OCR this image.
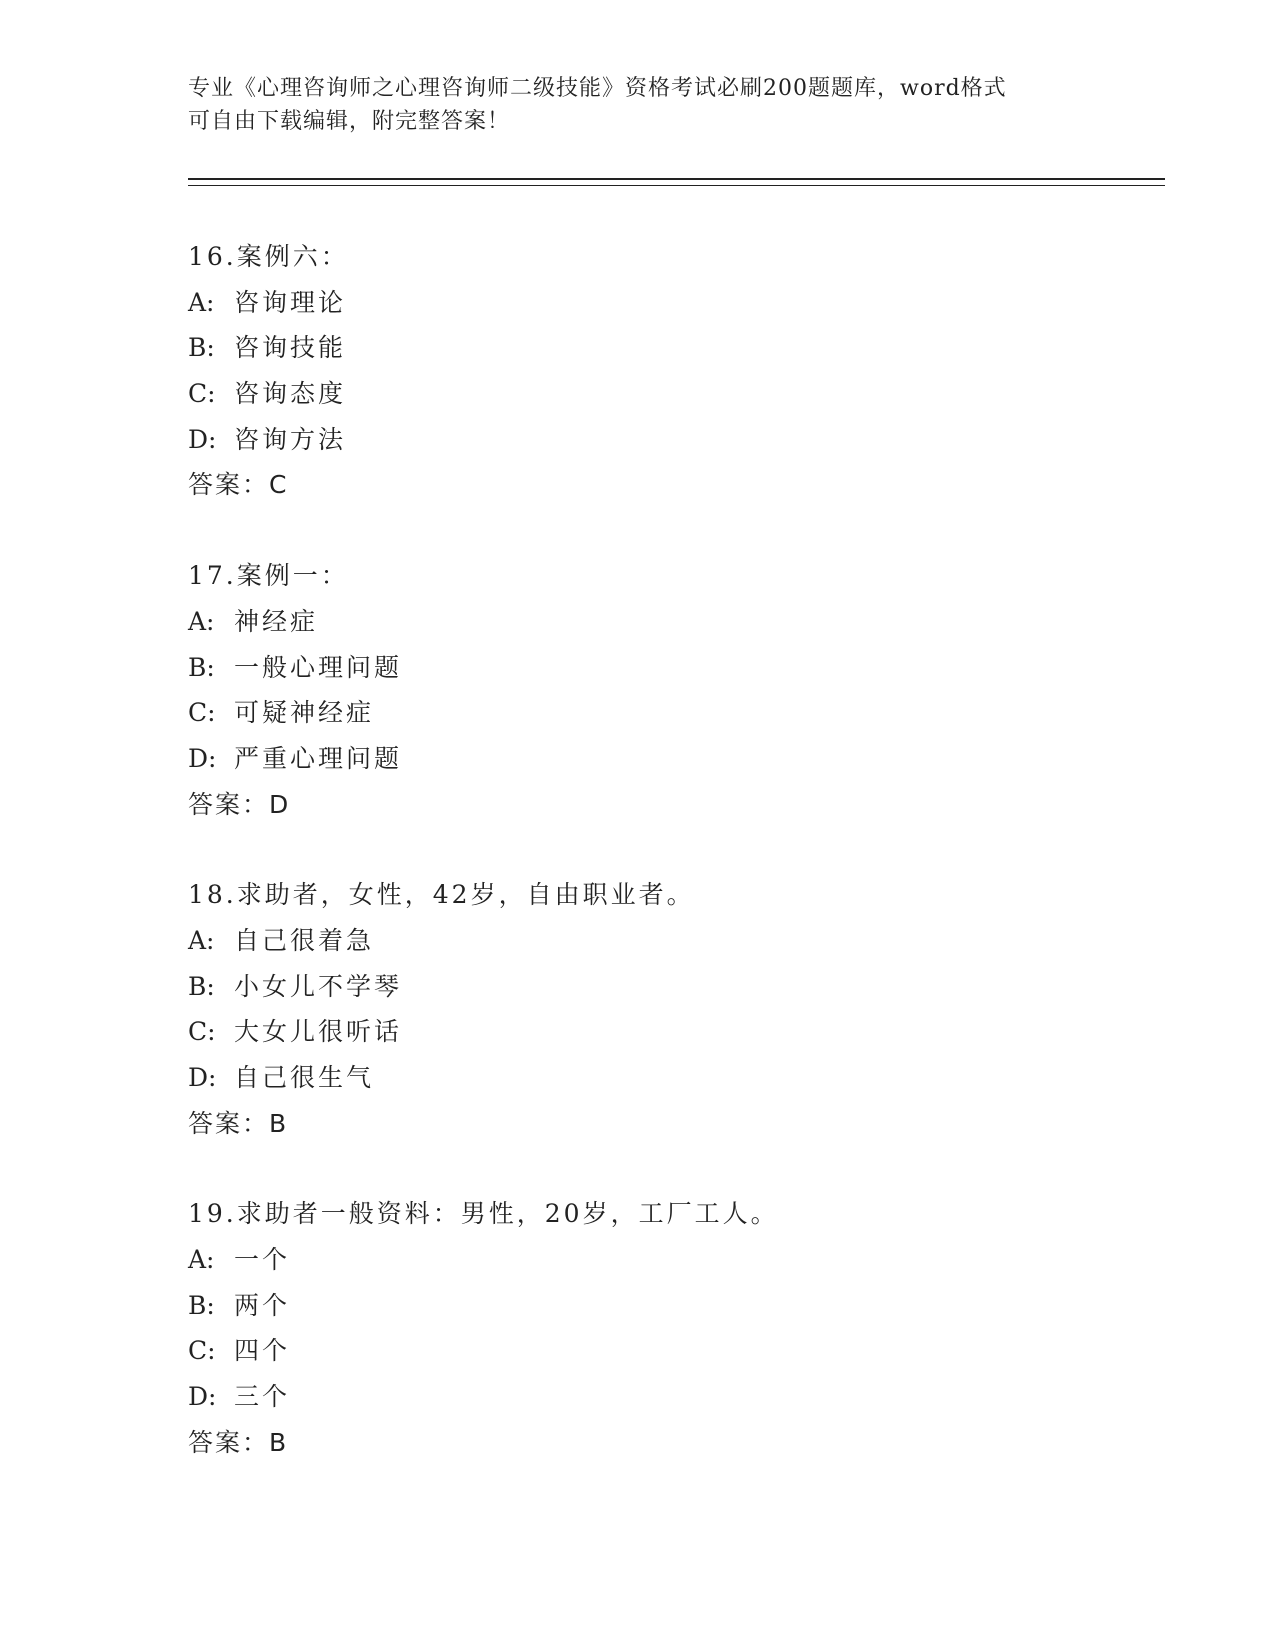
专业《心理咨询师之心理咨询师二级技能》资格考试必刷200题题库，word格式
可自由下载编辑，附完整答案！
16.案例六：
A: 咨询理论
B: 咨询技能
C: 咨询态度
D: 咨询方法
答案：C
17.案例一：
A: 神经症
B: 一般心理问题
C: 可疑神经症
D: 严重心理问题
答案：D
18.求助者，女性，42岁，自由职业者。
A: 自己很着急
B: 小女儿不学琴
C: 大女儿很听话
D: 自己很生气
答案：B
19.求助者一般资料：男性，20岁，工厂工人。
A: 一个
B: 两个
C: 四个
D: 三个
答案：B
